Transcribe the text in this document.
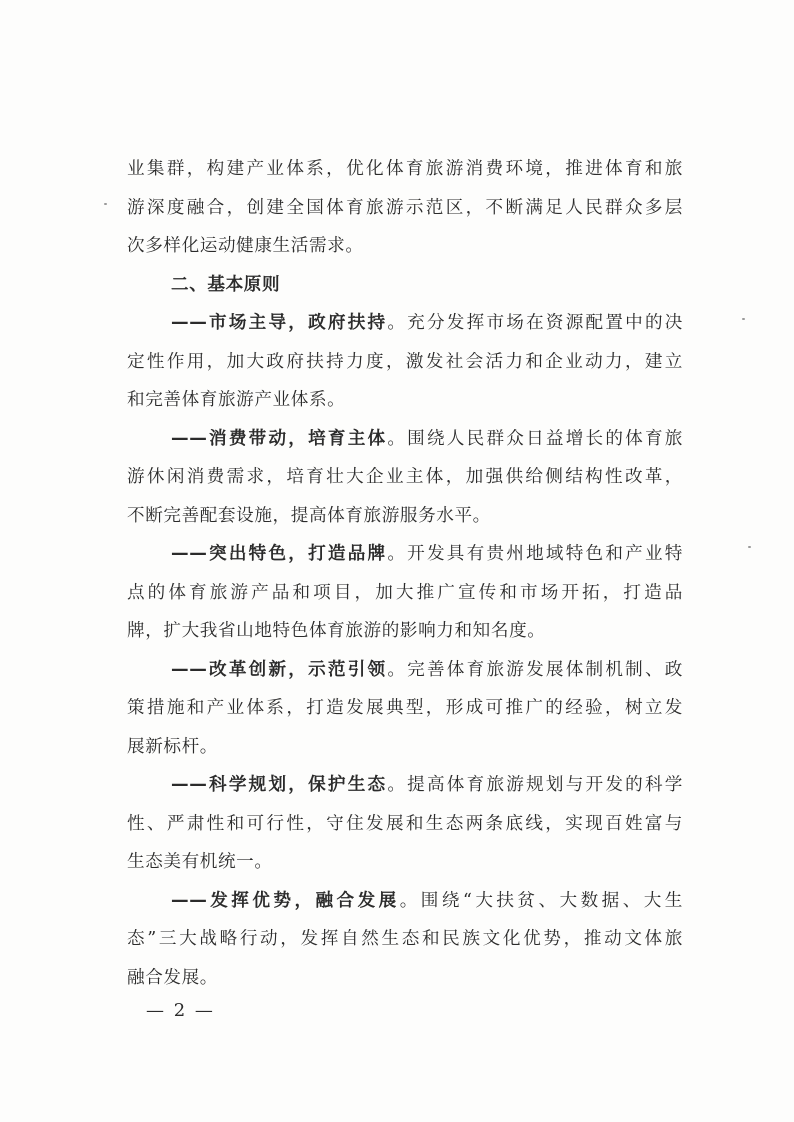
业集群，构建产业体系，优化体育旅游消费环境，推进体育和旅
游深度融合，创建全国体育旅游示范区，不断满足人民群众多层
次多样化运动健康生活需求。
二、基本原则
——市场主导，政府扶持。充分发挥市场在资源配置中的决
定性作用，加大政府扶持力度，激发社会活力和企业动力，建立
和完善体育旅游产业体系。
——消费带动，培育主体。围绕人民群众日益增长的体育旅
游休闲消费需求，培育壮大企业主体，加强供给侧结构性改革，
不断完善配套设施，提高体育旅游服务水平。
——突出特色，打造品牌。开发具有贵州地域特色和产业特
点的体育旅游产品和项目，加大推广宣传和市场开拓，打造品
牌，扩大我省山地特色体育旅游的影响力和知名度。
——改革创新，示范引领。完善体育旅游发展体制机制、政
策措施和产业体系，打造发展典型，形成可推广的经验，树立发
展新标杆。
——科学规划，保护生态。提高体育旅游规划与开发的科学
性、严肃性和可行性，守住发展和生态两条底线，实现百姓富与
生态美有机统一。
——发挥优势，融合发展。围绕“大扶贫、大数据、大生
态”三大战略行动，发挥自然生态和民族文化优势，推动文体旅
融合发展。
— 2 —
